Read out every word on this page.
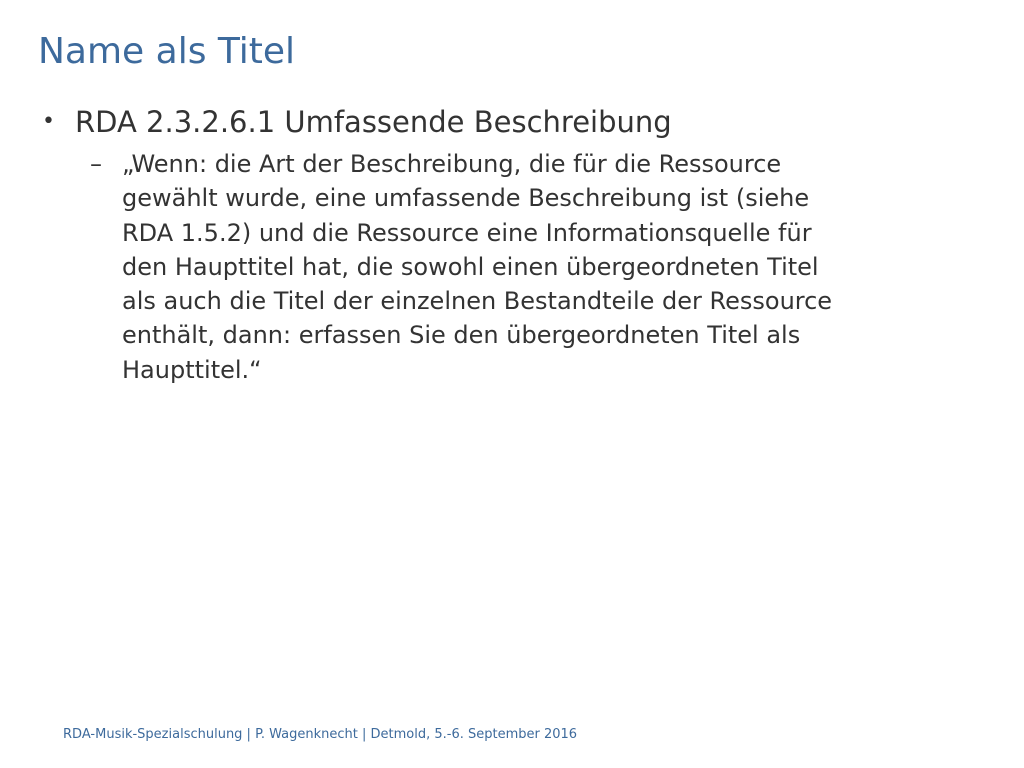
Name als Titel
• RDA 2.3.2.6.1 Umfassende Beschreibung
– „Wenn: die Art der Beschreibung, die für die Ressource
gewählt wurde, eine umfassende Beschreibung ist (siehe
RDA 1.5.2) und die Ressource eine Informationsquelle für
den Haupttitel hat, die sowohl einen übergeordneten Titel
als auch die Titel der einzelnen Bestandteile der Ressource
enthält, dann: erfassen Sie den übergeordneten Titel als
Haupttitel.“
RDA-Musik-Spezialschulung | P. Wagenknecht | Detmold, 5.-6. September 2016
